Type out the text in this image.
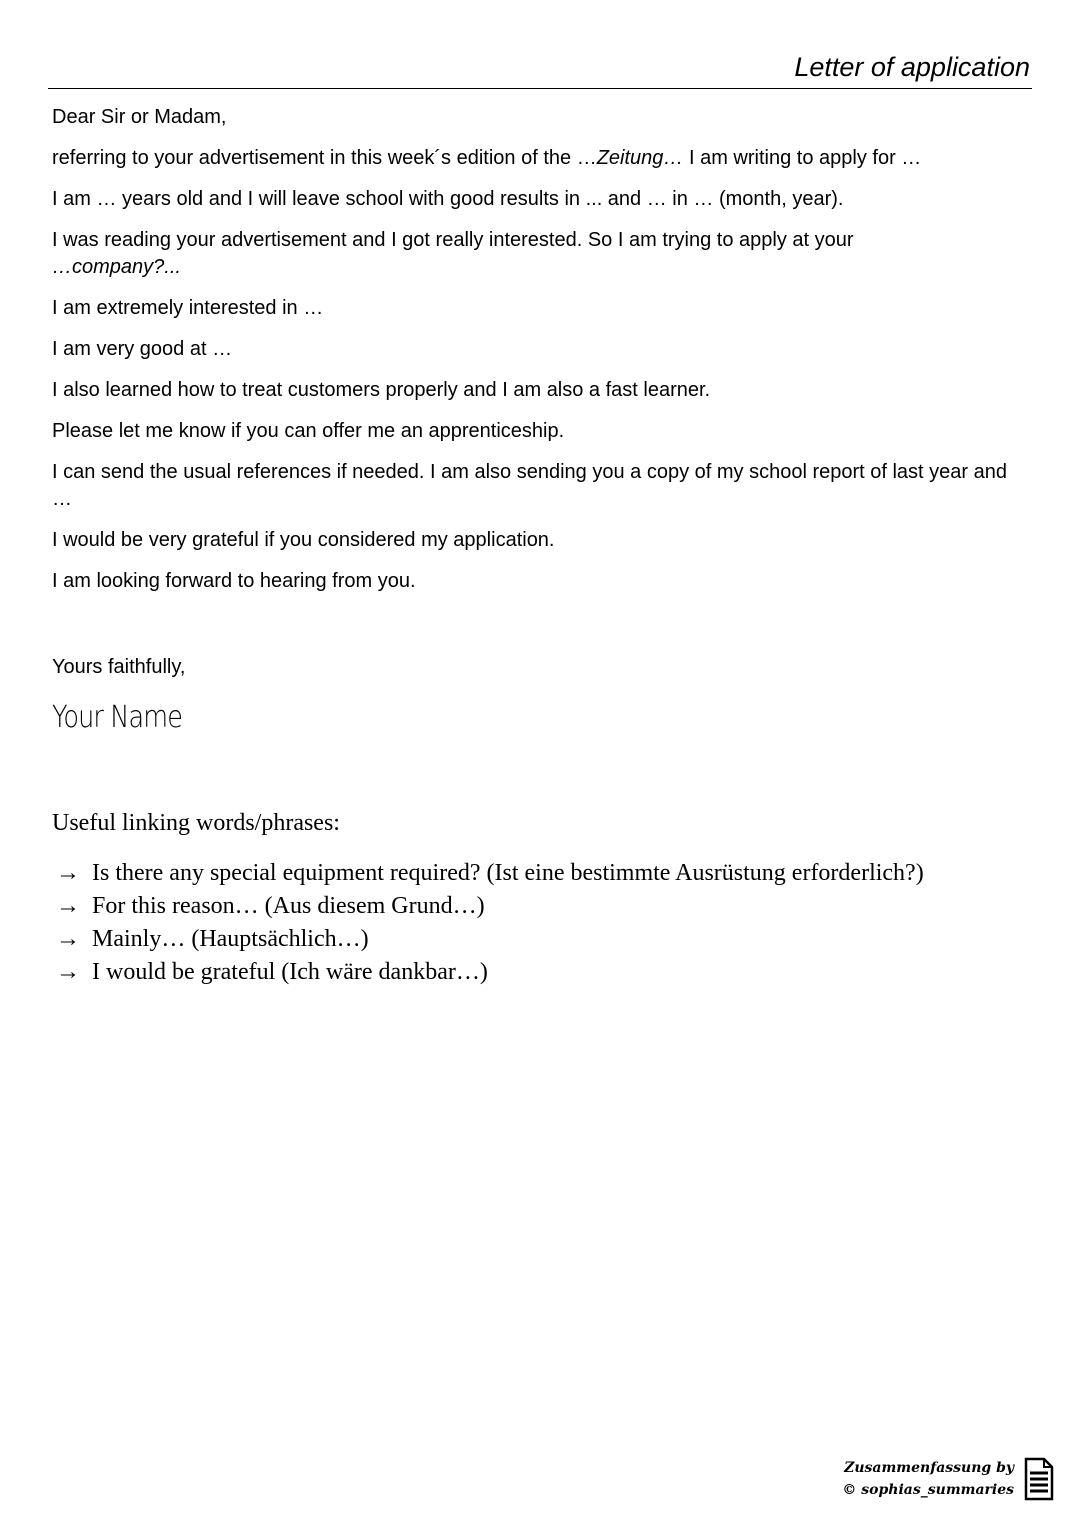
Letter of application

Dear Sir or Madam,

referring to your advertisement in this week´s edition of the …Zeitung… I am writing to apply for …

I am … years old and I will leave school with good results in ... and … in … (month, year).

I was reading your advertisement and I got really interested. So I am trying to apply at your
…company?...

I am extremely interested in …

I am very good at …

I also learned how to treat customers properly and I am also a fast learner.

Please let me know if you can offer me an apprenticeship.

I can send the usual references if needed. I am also sending you a copy of my school report of last year and …

I would be very grateful if you considered my application.

I am looking forward to hearing from you.

Yours faithfully,
Your Name
Useful linking words/phrases:
→ Is there any special equipment required? (Ist eine bestimmte Ausrüstung erforderlich?)
→ For this reason… (Aus diesem Grund…)
→ Mainly… (Hauptsächlich…)
→ I would be grateful (Ich wäre dankbar…)
Zusammenfassung by
© sophias_summaries
